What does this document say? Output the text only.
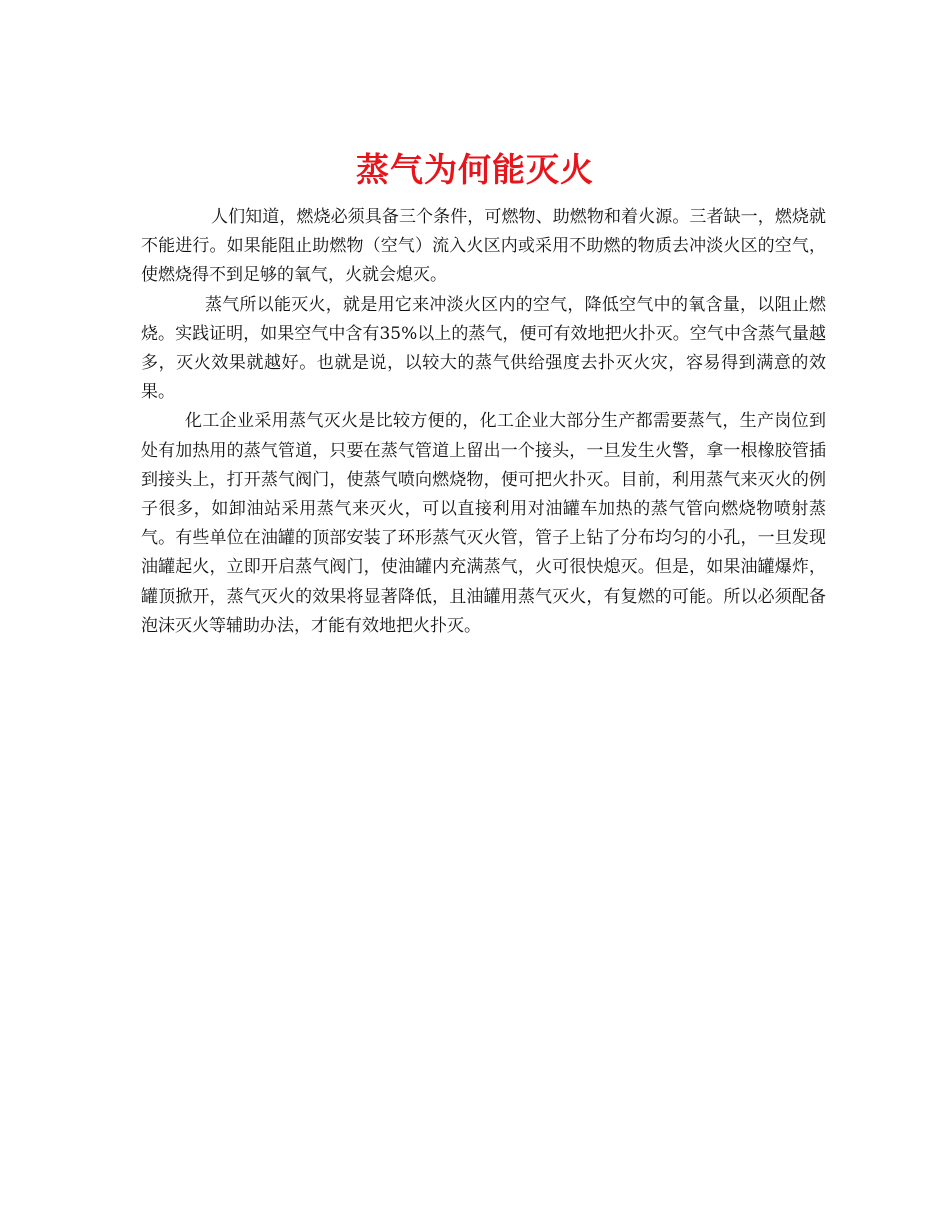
蒸气为何能灭火

人们知道，燃烧必须具备三个条件，可燃物、助燃物和着火源。三者缺一，燃烧就不能进行。如果能阻止助燃物（空气）流入火区内或采用不助燃的物质去冲淡火区的空气，使燃烧得不到足够的氧气，火就会熄灭。

蒸气所以能灭火，就是用它来冲淡火区内的空气，降低空气中的氧含量，以阻止燃烧。实践证明，如果空气中含有35%以上的蒸气，便可有效地把火扑灭。空气中含蒸气量越多，灭火效果就越好。也就是说，以较大的蒸气供给强度去扑灭火灾，容易得到满意的效果。

化工企业采用蒸气灭火是比较方便的，化工企业大部分生产都需要蒸气，生产岗位到处有加热用的蒸气管道，只要在蒸气管道上留出一个接头，一旦发生火警，拿一根橡胶管插到接头上，打开蒸气阀门，使蒸气喷向燃烧物，便可把火扑灭。目前，利用蒸气来灭火的例子很多，如卸油站采用蒸气来灭火，可以直接利用对油罐车加热的蒸气管向燃烧物喷射蒸气。有些单位在油罐的顶部安装了环形蒸气灭火管，管子上钻了分布均匀的小孔，一旦发现油罐起火，立即开启蒸气阀门，使油罐内充满蒸气，火可很快熄灭。但是，如果油罐爆炸，罐顶掀开，蒸气灭火的效果将显著降低，且油罐用蒸气灭火，有复燃的可能。所以必须配备泡沫灭火等辅助办法，才能有效地把火扑灭。
